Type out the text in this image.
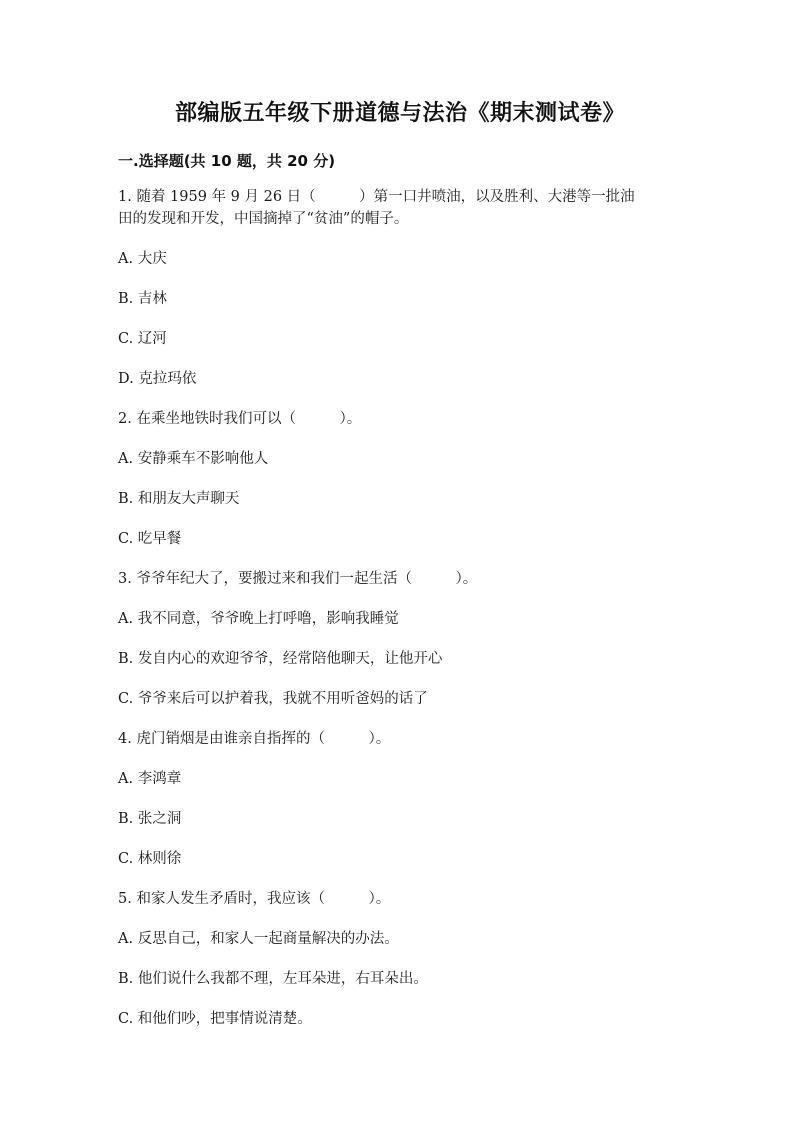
部编版五年级下册道德与法治《期末测试卷》
一.选择题(共 10 题，共 20 分)
1. 随着 1959 年 9 月 26 日（　　　）第一口井喷油，以及胜利、大港等一批油
田的发现和开发，中国摘掉了“贫油”的帽子。
A. 大庆
B. 吉林
C. 辽河
D. 克拉玛依
2. 在乘坐地铁时我们可以（　　　）。
A. 安静乘车不影响他人
B. 和朋友大声聊天
C. 吃早餐
3. 爷爷年纪大了，要搬过来和我们一起生活（　　　）。
A. 我不同意，爷爷晚上打呼噜，影响我睡觉
B. 发自内心的欢迎爷爷，经常陪他聊天，让他开心
C. 爷爷来后可以护着我，我就不用听爸妈的话了
4. 虎门销烟是由谁亲自指挥的（　　　）。
A. 李鸿章
B. 张之洞
C. 林则徐
5. 和家人发生矛盾时，我应该（　　　）。
A. 反思自己，和家人一起商量解决的办法。
B. 他们说什么我都不理，左耳朵进，右耳朵出。
C. 和他们吵，把事情说清楚。
